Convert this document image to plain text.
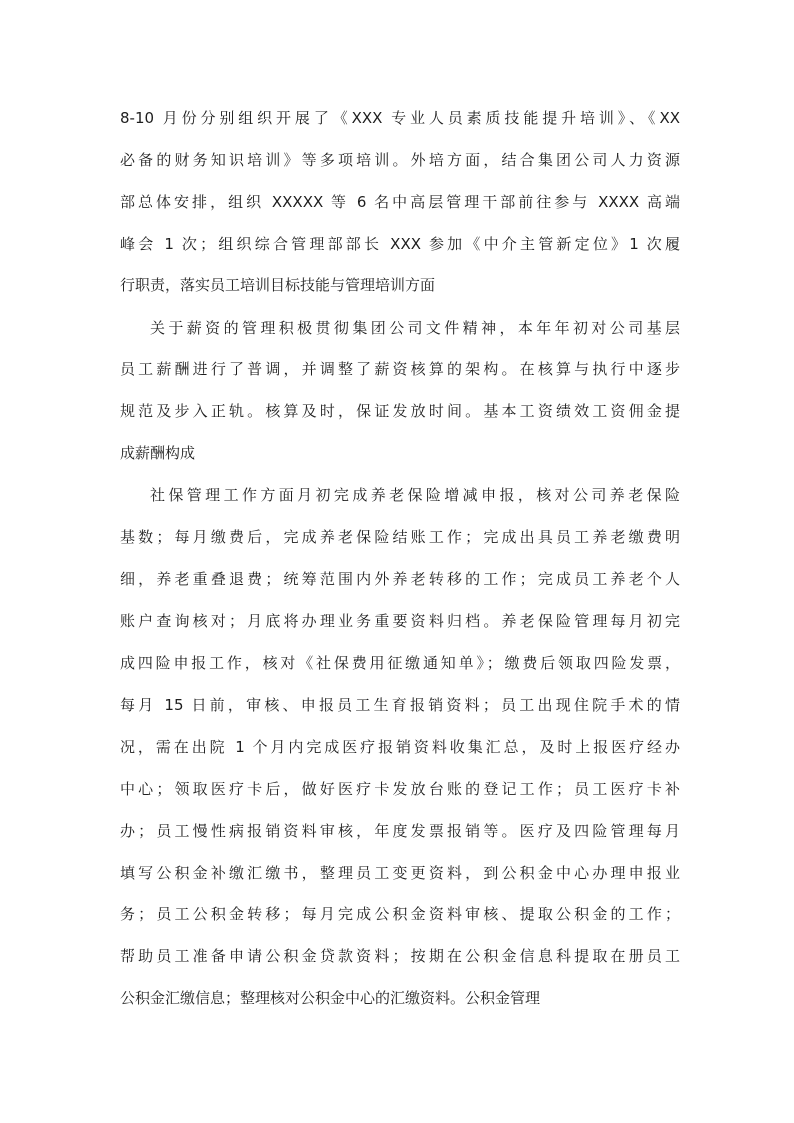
8-10 月份分别组织开展了《XXX 专业人员素质技能提升培训》、《XX
必备的财务知识培训》等多项培训。外培方面，结合集团公司人力资源
部总体安排，组织 XXXXX 等 6 名中高层管理干部前往参与 XXXX 高端
峰会 1 次；组织综合管理部部长 XXX 参加《中介主管新定位》1 次履
行职责，落实员工培训目标技能与管理培训方面
关于薪资的管理积极贯彻集团公司文件精神，本年年初对公司基层
员工薪酬进行了普调，并调整了薪资核算的架构。在核算与执行中逐步
规范及步入正轨。核算及时，保证发放时间。基本工资绩效工资佣金提
成薪酬构成
社保管理工作方面月初完成养老保险增减申报，核对公司养老保险
基数；每月缴费后，完成养老保险结账工作；完成出具员工养老缴费明
细，养老重叠退费；统筹范围内外养老转移的工作；完成员工养老个人
账户查询核对；月底将办理业务重要资料归档。养老保险管理每月初完
成四险申报工作，核对《社保费用征缴通知单》；缴费后领取四险发票，
每月 15 日前，审核、申报员工生育报销资料；员工出现住院手术的情
况，需在出院 1 个月内完成医疗报销资料收集汇总，及时上报医疗经办
中心；领取医疗卡后，做好医疗卡发放台账的登记工作；员工医疗卡补
办；员工慢性病报销资料审核，年度发票报销等。医疗及四险管理每月
填写公积金补缴汇缴书，整理员工变更资料，到公积金中心办理申报业
务；员工公积金转移；每月完成公积金资料审核、提取公积金的工作；
帮助员工准备申请公积金贷款资料；按期在公积金信息科提取在册员工
公积金汇缴信息；整理核对公积金中心的汇缴资料。公积金管理
